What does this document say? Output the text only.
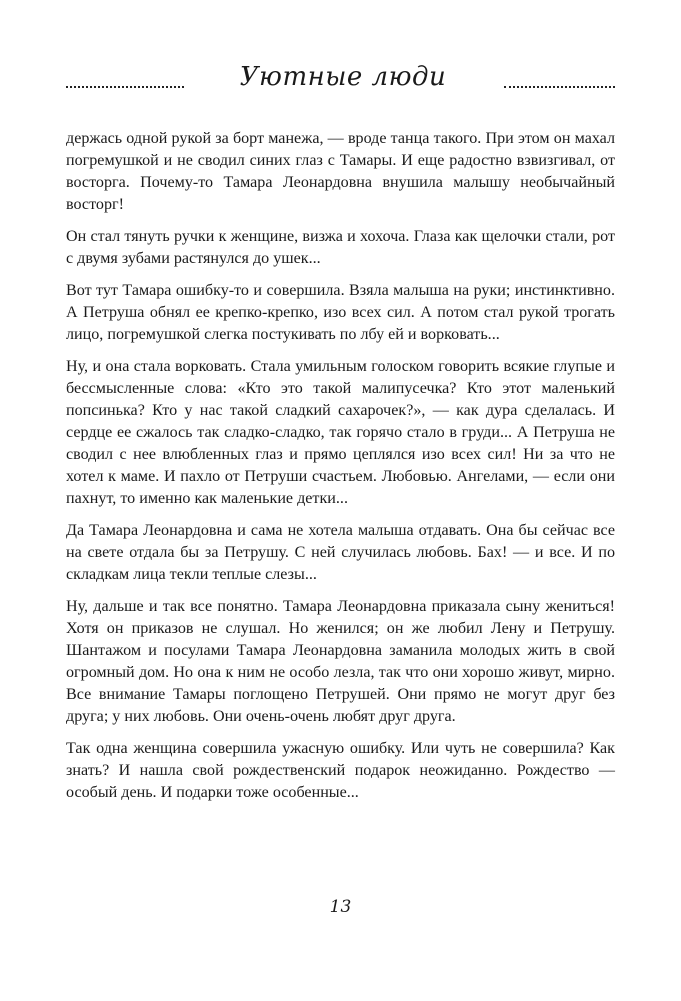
Уютные люди

держась одной рукой за борт манежа, — вроде танца такого. При этом он махал погремушкой и не сводил синих глаз с Тамары. И еще радостно взвизгивал, от восторга. Почему-то Тамара Леонардовна внушила малышу необычайный восторг!

Он стал тянуть ручки к женщине, визжа и хохоча. Глаза как щелочки стали, рот с двумя зубами растянулся до ушек...

Вот тут Тамара ошибку-то и совершила. Взяла малыша на руки; инстинктивно. А Петруша обнял ее крепко-крепко, изо всех сил. А потом стал рукой трогать лицо, погремушкой слегка постукивать по лбу ей и ворковать...

Ну, и она стала ворковать. Стала умильным голоском говорить всякие глупые и бессмысленные слова: «Кто это такой малипусечка? Кто этот маленький попсинька? Кто у нас такой сладкий сахарочек?», — как дура сделалась. И сердце ее сжалось так сладко-сладко, так горячо стало в груди... А Петруша не сводил с нее влюбленных глаз и прямо цеплялся изо всех сил! Ни за что не хотел к маме. И пахло от Петруши счастьем. Любовью. Ангелами, — если они пахнут, то именно как маленькие детки...

Да Тамара Леонардовна и сама не хотела малыша отдавать. Она бы сейчас все на свете отдала бы за Петрушу. С ней случилась любовь. Бах! — и все. И по складкам лица текли теплые слезы...

Ну, дальше и так все понятно. Тамара Леонардовна приказала сыну жениться! Хотя он приказов не слушал. Но женился; он же любил Лену и Петрушу. Шантажом и посулами Тамара Леонардовна заманила молодых жить в свой огромный дом. Но она к ним не особо лезла, так что они хорошо живут, мирно. Все внимание Тамары поглощено Петрушей. Они прямо не могут друг без друга; у них любовь. Они очень-очень любят друг друга.

Так одна женщина совершила ужасную ошибку. Или чуть не совершила? Как знать? И нашла свой рождественский подарок неожиданно. Рождество — особый день. И подарки тоже особенные...

13
